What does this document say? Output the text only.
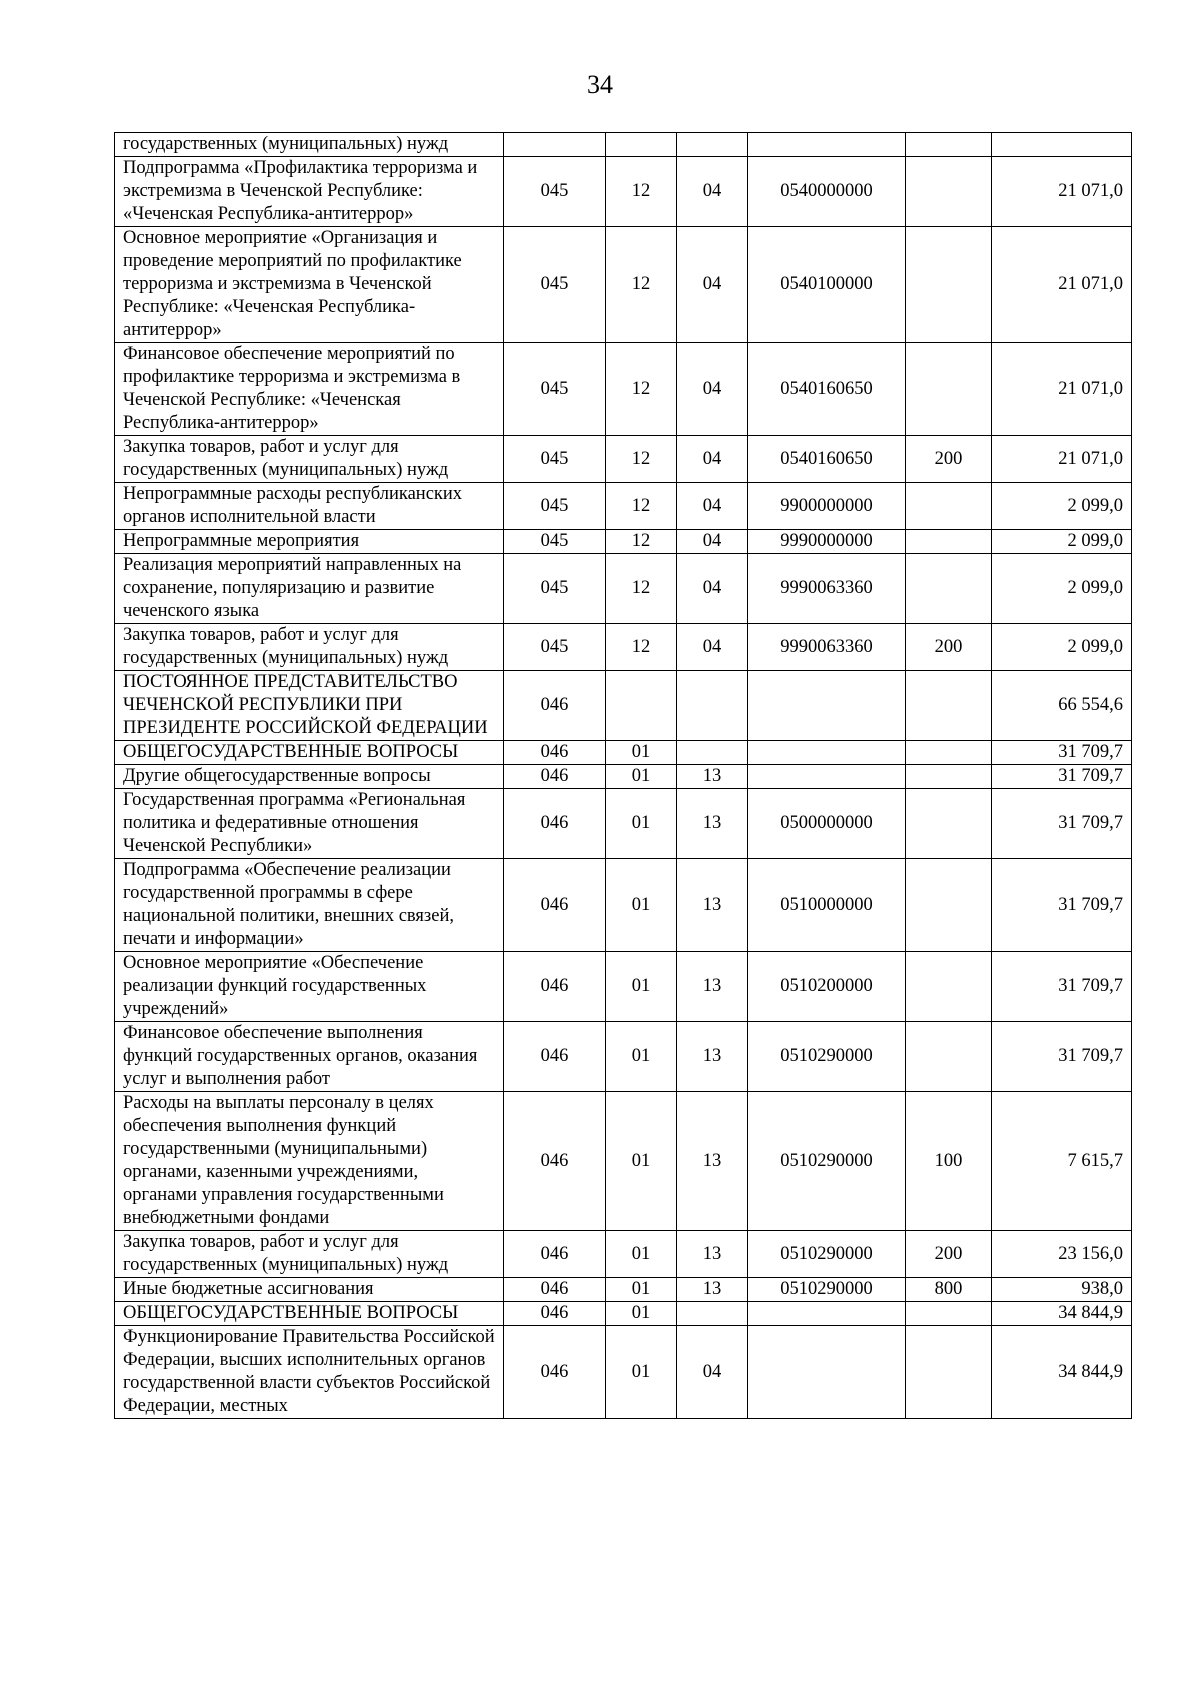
34
государственных (муниципальных) нужд						
Подпрограмма «Профилактика терроризма и экстремизма в Чеченской Республике: «Чеченская Республика-антитеррор»	045	12	04	0540000000		21 071,0
Основное мероприятие «Организация и проведение мероприятий по профилактике терроризма и экстремизма в Чеченской Республике: «Чеченская Республика-антитеррор»	045	12	04	0540100000		21 071,0
Финансовое обеспечение мероприятий по профилактике терроризма и экстремизма в Чеченской Республике: «Чеченская Республика-антитеррор»	045	12	04	0540160650		21 071,0
Закупка товаров, работ и услуг для государственных (муниципальных) нужд	045	12	04	0540160650	200	21 071,0
Непрограммные расходы республиканских органов исполнительной власти	045	12	04	9900000000		2 099,0
Непрограммные мероприятия	045	12	04	9990000000		2 099,0
Реализация мероприятий направленных на сохранение, популяризацию и развитие чеченского языка	045	12	04	9990063360		2 099,0
Закупка товаров, работ и услуг для государственных (муниципальных) нужд	045	12	04	9990063360	200	2 099,0
ПОСТОЯННОЕ ПРЕДСТАВИТЕЛЬСТВО ЧЕЧЕНСКОЙ РЕСПУБЛИКИ ПРИ ПРЕЗИДЕНТЕ РОССИЙСКОЙ ФЕДЕРАЦИИ	046					66 554,6
ОБЩЕГОСУДАРСТВЕННЫЕ ВОПРОСЫ	046	01				31 709,7
Другие общегосударственные вопросы	046	01	13			31 709,7
Государственная программа «Региональная политика и федеративные отношения Чеченской Республики»	046	01	13	0500000000		31 709,7
Подпрограмма «Обеспечение реализации государственной программы в сфере национальной политики, внешних связей, печати и информации»	046	01	13	0510000000		31 709,7
Основное мероприятие «Обеспечение реализации функций государственных учреждений»	046	01	13	0510200000		31 709,7
Финансовое обеспечение выполнения функций государственных органов, оказания услуг и выполнения работ	046	01	13	0510290000		31 709,7
Расходы на выплаты персоналу в целях обеспечения выполнения функций государственными (муниципальными) органами, казенными учреждениями, органами управления государственными внебюджетными фондами	046	01	13	0510290000	100	7 615,7
Закупка товаров, работ и услуг для государственных (муниципальных) нужд	046	01	13	0510290000	200	23 156,0
Иные бюджетные ассигнования	046	01	13	0510290000	800	938,0
ОБЩЕГОСУДАРСТВЕННЫЕ ВОПРОСЫ	046	01				34 844,9
Функционирование Правительства Российской Федерации, высших исполнительных органов государственной власти субъектов Российской Федерации, местных	046	01	04			34 844,9
